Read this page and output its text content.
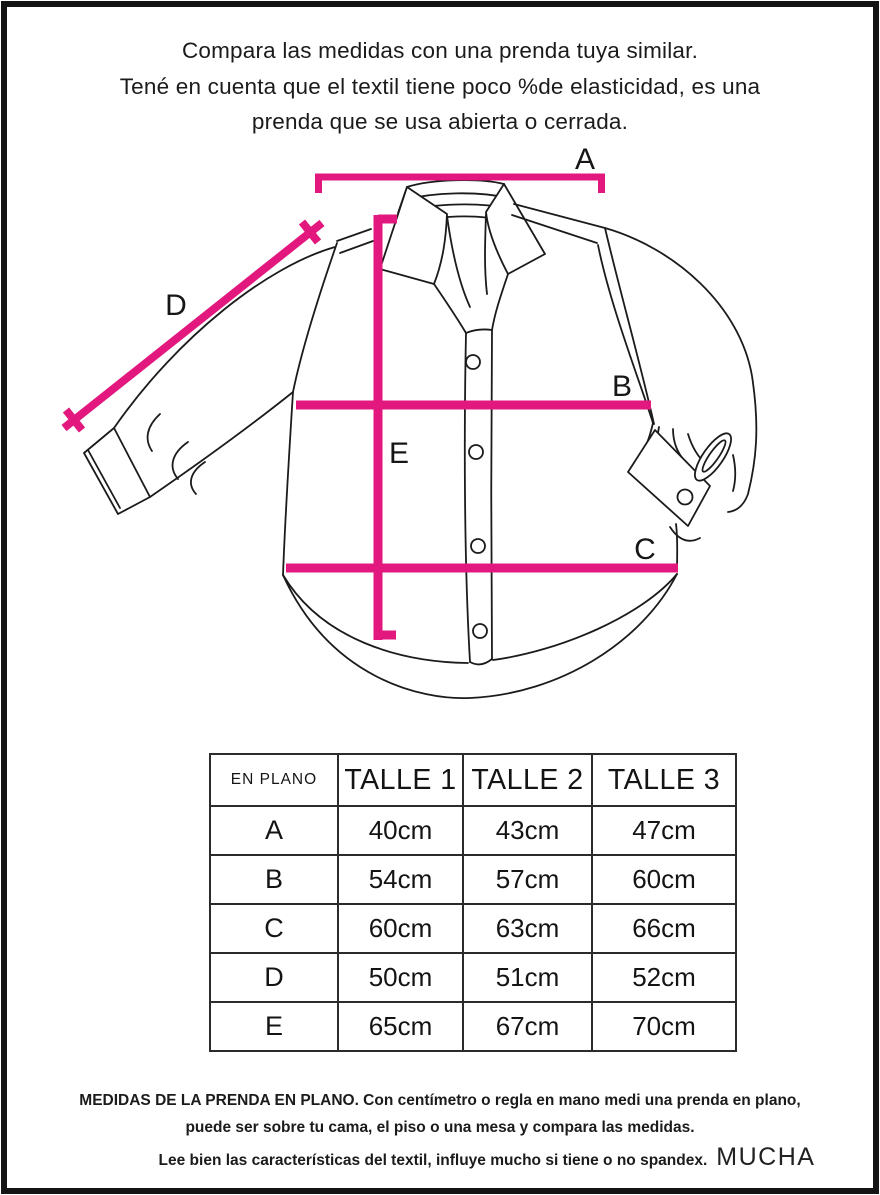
Compara las medidas con una prenda tuya similar.
Tené en cuenta que el textil tiene poco %de elasticidad, es una
prenda que se usa abierta o cerrada.
A
B
C
D
E
EN PLANO	TALLE 1	TALLE 2	TALLE 3
A	40cm	43cm	47cm
B	54cm	57cm	60cm
C	60cm	63cm	66cm
D	50cm	51cm	52cm
E	65cm	67cm	70cm

MEDIDAS DE LA PRENDA EN PLANO. Con centímetro o regla en mano medi una prenda en plano,

puede ser sobre tu cama, el piso o una mesa y compara las medidas.

Lee bien las características del textil, influye mucho si tiene o no spandex. MUCHA
